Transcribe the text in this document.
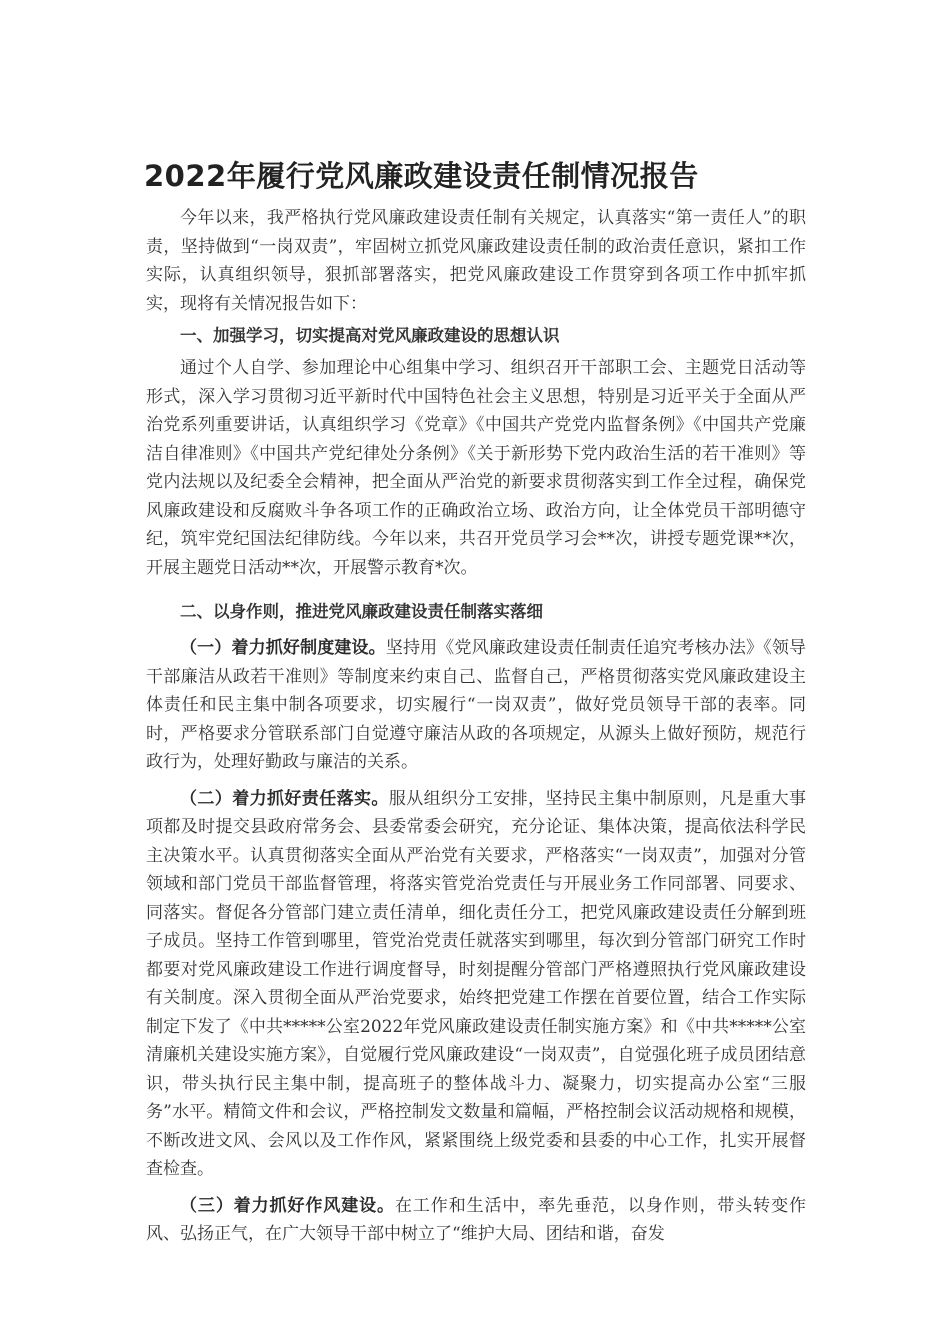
2022年履行党风廉政建设责任制情况报告

今年以来，我严格执行党风廉政建设责任制有关规定，认真落实“第一责任人”的职责，坚持做到“一岗双责”，牢固树立抓党风廉政建设责任制的政治责任意识，紧扣工作实际，认真组织领导，狠抓部署落实，把党风廉政建设工作贯穿到各项工作中抓牢抓实，现将有关情况报告如下：

一、加强学习，切实提高对党风廉政建设的思想认识

通过个人自学、参加理论中心组集中学习、组织召开干部职工会、主题党日活动等形式，深入学习贯彻习近平新时代中国特色社会主义思想，特别是习近平关于全面从严治党系列重要讲话，认真组织学习《党章》《中国共产党党内监督条例》《中国共产党廉洁自律准则》《中国共产党纪律处分条例》《关于新形势下党内政治生活的若干准则》等党内法规以及纪委全会精神，把全面从严治党的新要求贯彻落实到工作全过程，确保党风廉政建设和反腐败斗争各项工作的正确政治立场、政治方向，让全体党员干部明德守纪，筑牢党纪国法纪律防线。今年以来，共召开党员学习会**次，讲授专题党课**次，开展主题党日活动**次，开展警示教育*次。

二、以身作则，推进党风廉政建设责任制落实落细

（一）着力抓好制度建设。坚持用《党风廉政建设责任制责任追究考核办法》《领导干部廉洁从政若干准则》等制度来约束自己、监督自己，严格贯彻落实党风廉政建设主体责任和民主集中制各项要求，切实履行“一岗双责”，做好党员领导干部的表率。同时，严格要求分管联系部门自觉遵守廉洁从政的各项规定，从源头上做好预防，规范行政行为，处理好勤政与廉洁的关系。

（二）着力抓好责任落实。服从组织分工安排，坚持民主集中制原则，凡是重大事项都及时提交县政府常务会、县委常委会研究，充分论证、集体决策，提高依法科学民主决策水平。认真贯彻落实全面从严治党有关要求，严格落实“一岗双责”，加强对分管领域和部门党员干部监督管理，将落实管党治党责任与开展业务工作同部署、同要求、同落实。督促各分管部门建立责任清单，细化责任分工，把党风廉政建设责任分解到班子成员。坚持工作管到哪里，管党治党责任就落实到哪里，每次到分管部门研究工作时都要对党风廉政建设工作进行调度督导，时刻提醒分管部门严格遵照执行党风廉政建设有关制度。深入贯彻全面从严治党要求，始终把党建工作摆在首要位置，结合工作实际制定下发了《中共*****公室2022年党风廉政建设责任制实施方案》和《中共*****公室清廉机关建设实施方案》，自觉履行党风廉政建设“一岗双责”，自觉强化班子成员团结意识，带头执行民主集中制，提高班子的整体战斗力、凝聚力，切实提高办公室“三服务”水平。精简文件和会议，严格控制发文数量和篇幅，严格控制会议活动规格和规模，不断改进文风、会风以及工作作风，紧紧围绕上级党委和县委的中心工作，扎实开展督查检查。

（三）着力抓好作风建设。在工作和生活中，率先垂范，以身作则，带头转变作风、弘扬正气，在广大领导干部中树立了“维护大局、团结和谐，奋发
